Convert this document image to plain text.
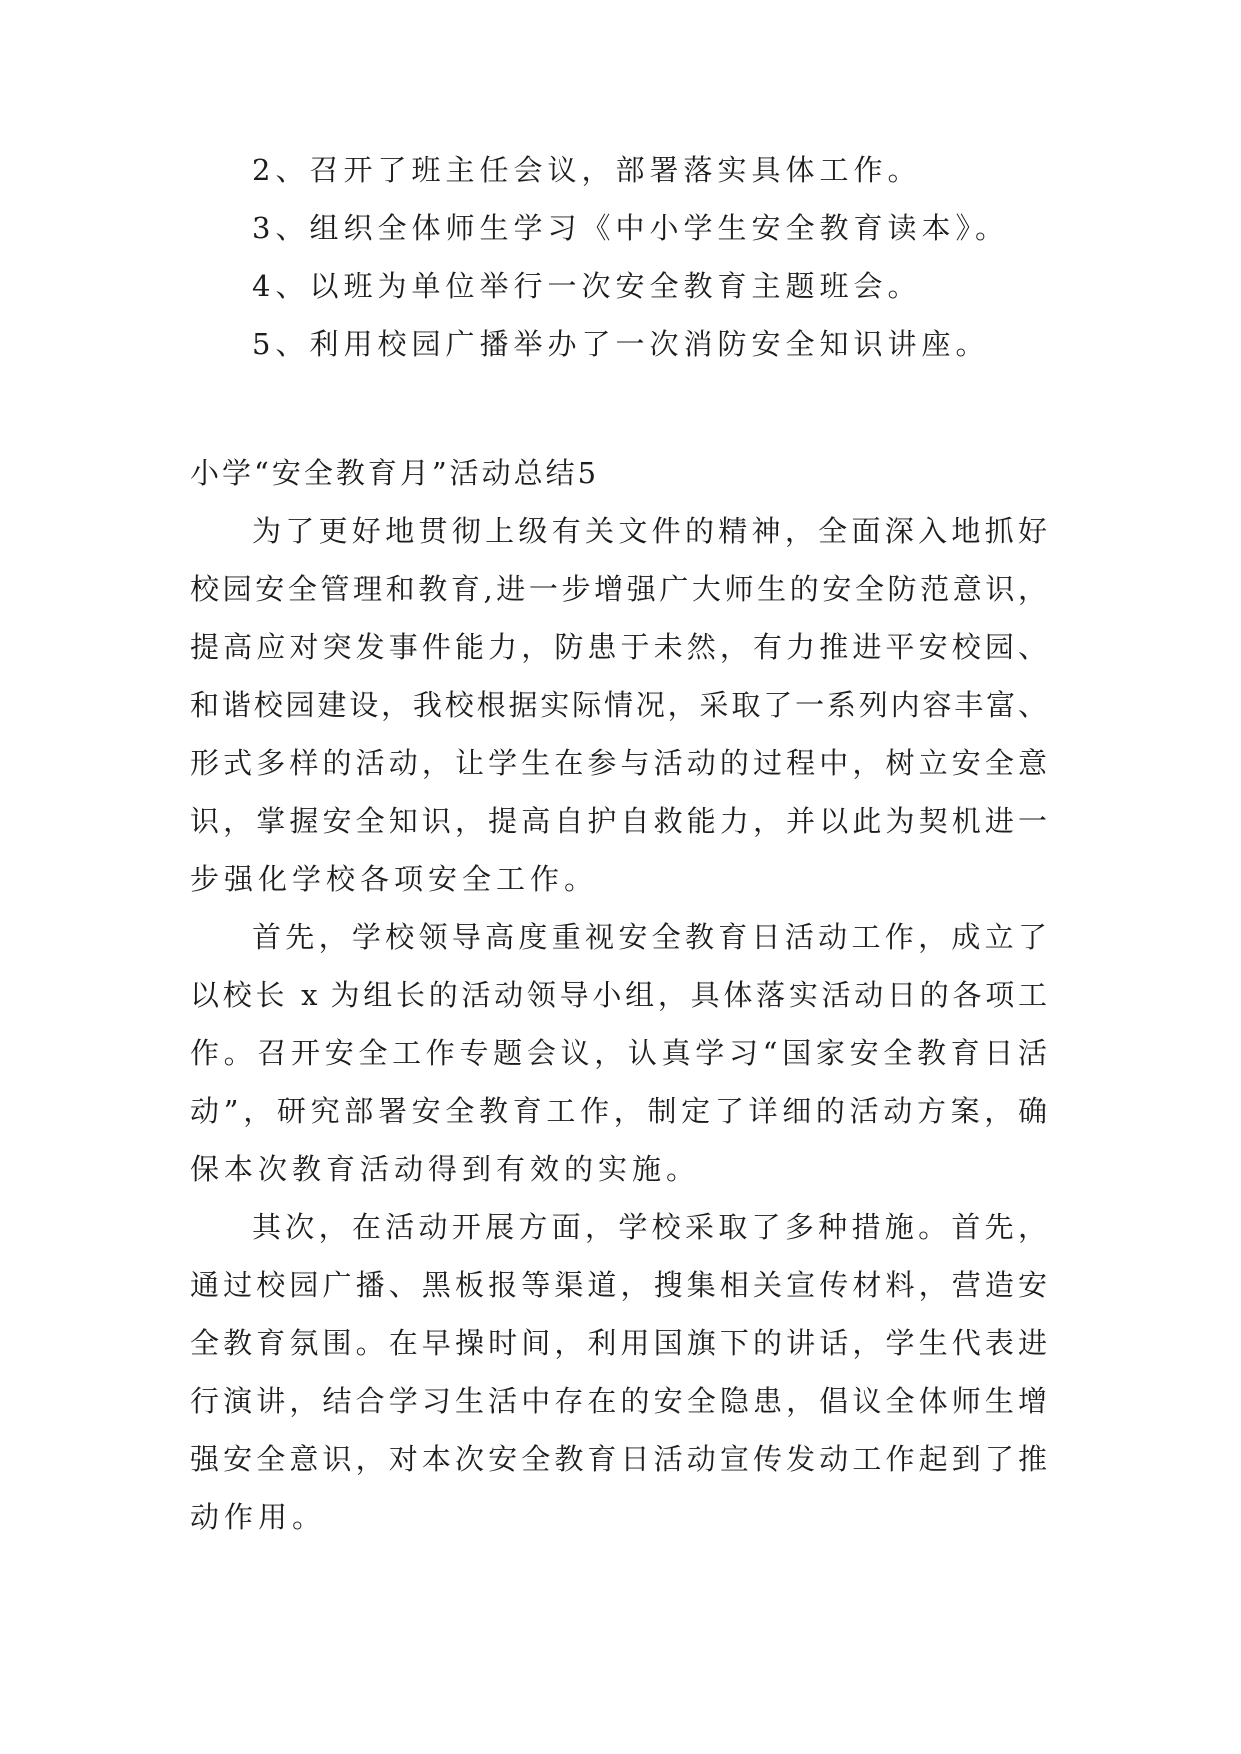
2、召开了班主任会议，部署落实具体工作。
3、组织全体师生学习《中小学生安全教育读本》。
4、以班为单位举行一次安全教育主题班会。
5、利用校园广播举办了一次消防安全知识讲座。
小学“安全教育月”活动总结5
为了更好地贯彻上级有关文件的精神，全面深入地抓好
校园安全管理和教育,进一步增强广大师生的安全防范意识，
提高应对突发事件能力，防患于未然，有力推进平安校园、
和谐校园建设，我校根据实际情况，采取了一系列内容丰富、
形式多样的活动，让学生在参与活动的过程中，树立安全意
识，掌握安全知识，提高自护自救能力，并以此为契机进一
步强化学校各项安全工作。
首先，学校领导高度重视安全教育日活动工作，成立了
以校长 x 为组长的活动领导小组，具体落实活动日的各项工
作。召开安全工作专题会议，认真学习“国家安全教育日活
动”，研究部署安全教育工作，制定了详细的活动方案，确
保本次教育活动得到有效的实施。
其次，在活动开展方面，学校采取了多种措施。首先，
通过校园广播、黑板报等渠道，搜集相关宣传材料，营造安
全教育氛围。在早操时间，利用国旗下的讲话，学生代表进
行演讲，结合学习生活中存在的安全隐患，倡议全体师生增
强安全意识，对本次安全教育日活动宣传发动工作起到了推
动作用。
